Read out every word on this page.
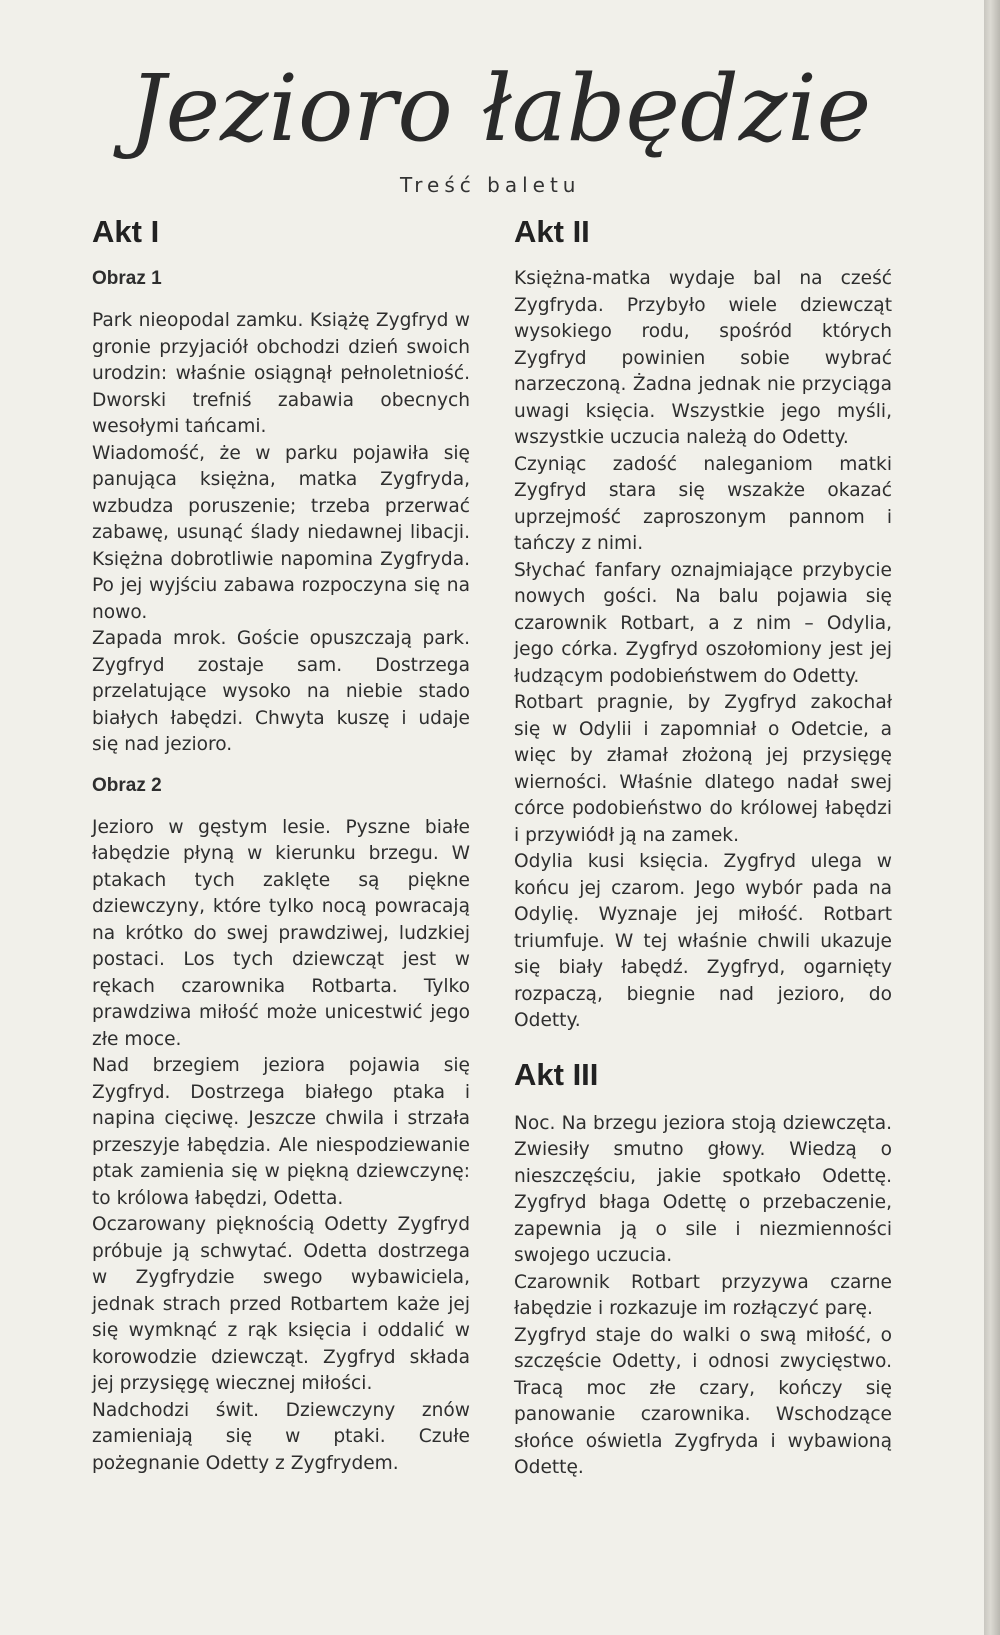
Jezioro łabędzie
Treść baletu
Akt I
Obraz 1

Park nieopodal zamku. Książę Zygfryd w gronie przyjaciół obchodzi dzień swoich urodzin: właśnie osiągnął pełnoletniość. Dworski trefniś zabawia obecnych wesołymi tańcami.

Wiadomość, że w parku pojawiła się panująca księżna, matka Zygfryda, wzbudza poruszenie; trzeba przerwać zabawę, usunąć ślady niedawnej libacji. Księżna dobrotliwie napomina Zygfryda. Po jej wyjściu zabawa rozpoczyna się na nowo.

Zapada mrok. Goście opuszczają park. Zygfryd zostaje sam. Dostrzega przelatujące wysoko na niebie stado białych łabędzi. Chwyta kuszę i udaje się nad jezioro.

Obraz 2

Jezioro w gęstym lesie. Pyszne białe łabędzie płyną w kierunku brzegu. W ptakach tych zaklęte są piękne dziewczyny, które tylko nocą powracają na krótko do swej prawdziwej, ludzkiej postaci. Los tych dziewcząt jest w rękach czarownika Rotbarta. Tylko prawdziwa miłość może unicestwić jego złe moce.

Nad brzegiem jeziora pojawia się Zygfryd. Dostrzega białego ptaka i napina cięciwę. Jeszcze chwila i strzała przeszyje łabędzia. Ale niespodziewanie ptak zamienia się w piękną dziewczynę: to królowa łabędzi, Odetta.

Oczarowany pięknością Odetty Zygfryd próbuje ją schwytać. Odetta dostrzega w Zygfrydzie swego wybawiciela, jednak strach przed Rotbartem każe jej się wymknąć z rąk księcia i oddalić w korowodzie dziewcząt. Zygfryd składa jej przysięgę wiecznej miłości.

Nadchodzi świt. Dziewczyny znów zamieniają się w ptaki. Czułe pożegnanie Odetty z Zygfrydem.

Akt II

Księżna-matka wydaje bal na cześć Zygfryda. Przybyło wiele dziewcząt wysokiego rodu, spośród których Zygfryd powinien sobie wybrać narzeczoną. Żadna jednak nie przyciąga uwagi księcia. Wszystkie jego myśli, wszystkie uczucia należą do Odetty.

Czyniąc zadość naleganiom matki Zygfryd stara się wszakże okazać uprzejmość zaproszonym pannom i tańczy z nimi.

Słychać fanfary oznajmiające przybycie nowych gości. Na balu pojawia się czarownik Rotbart, a z nim – Odylia, jego córka. Zygfryd oszołomiony jest jej łudzącym podobieństwem do Odetty.

Rotbart pragnie, by Zygfryd zakochał się w Odylii i zapomniał o Odetcie, a więc by złamał złożoną jej przysięgę wierności. Właśnie dlatego nadał swej córce podobieństwo do królowej łabędzi i przywiódł ją na zamek.

Odylia kusi księcia. Zygfryd ulega w końcu jej czarom. Jego wybór pada na Odylię. Wyznaje jej miłość. Rotbart triumfuje. W tej właśnie chwili ukazuje się biały łabędź. Zygfryd, ogarnięty rozpaczą, biegnie nad jezioro, do Odetty.

Akt III

Noc. Na brzegu jeziora stoją dziewczęta. Zwiesiły smutno głowy. Wiedzą o nieszczęściu, jakie spotkało Odettę. Zygfryd błaga Odettę o przebaczenie, zapewnia ją o sile i niezmienności swojego uczucia.

Czarownik Rotbart przyzywa czarne łabędzie i rozkazuje im rozłączyć parę.

Zygfryd staje do walki o swą miłość, o szczęście Odetty, i odnosi zwycięstwo. Tracą moc złe czary, kończy się panowanie czarownika. Wschodzące słońce oświetla Zygfryda i wybawioną Odettę.
